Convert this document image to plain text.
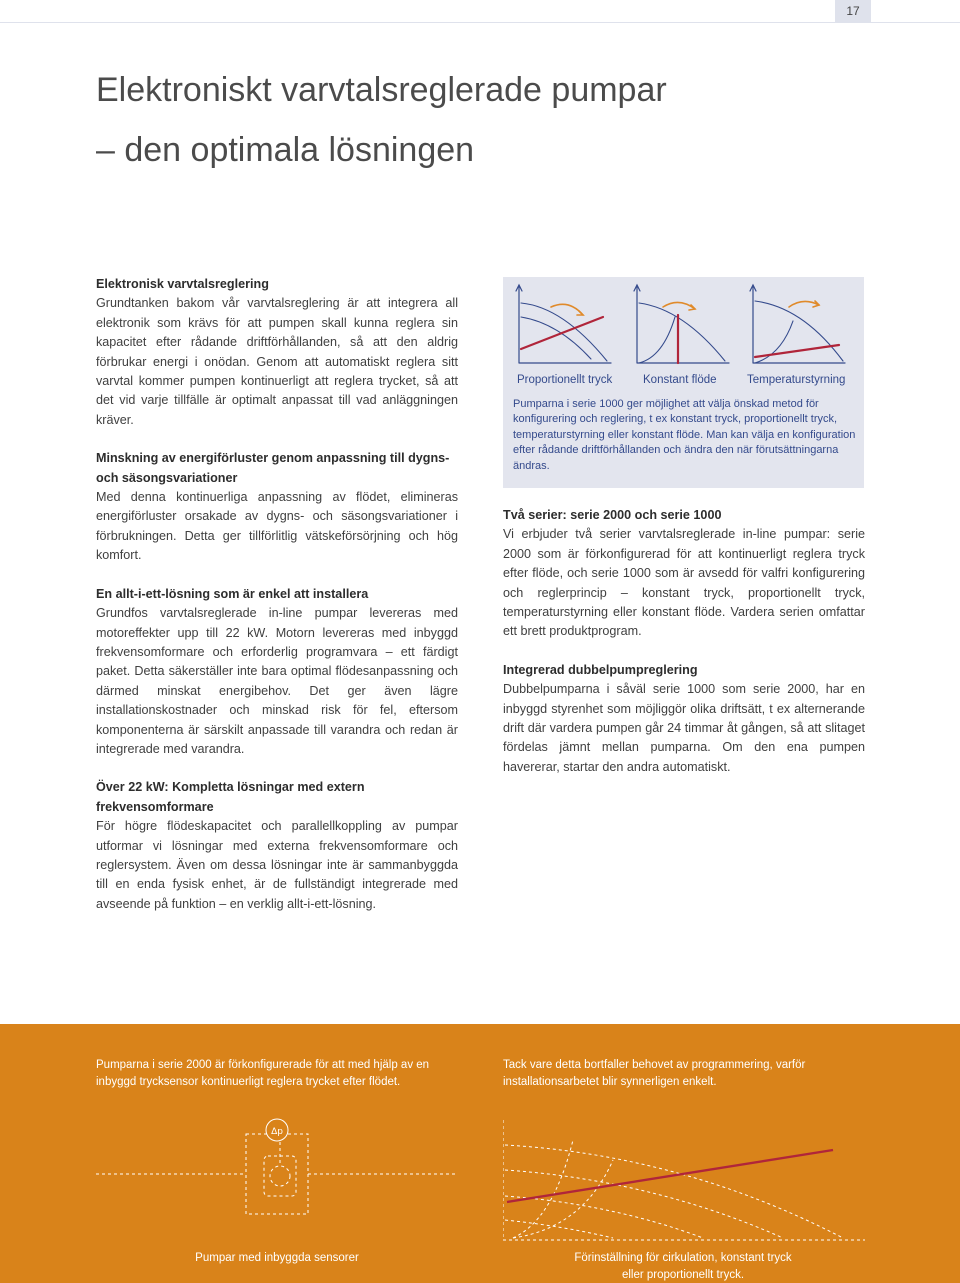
17
Elektroniskt varvtalsreglerade pumpar
– den optimala lösningen
Elektronisk varvtalsreglering

Grundtanken bakom vår varvtalsreglering är att integrera all elektronik som krävs för att pumpen skall kunna reglera sin kapacitet efter rådande driftförhållanden, så att den aldrig förbrukar energi i onödan. Genom att automatiskt reglera sitt varvtal kommer pumpen kontinuerligt att reglera trycket, så att det vid varje tillfälle är optimalt anpassat till vad anläggningen kräver.

Minskning av energiförluster genom anpassning till dygns- och säsongsvariationer

Med denna kontinuerliga anpassning av flödet, elimineras energiförluster orsakade av dygns- och säsongsvariationer i förbrukningen. Detta ger tillförlitlig vätskeförsörjning och hög komfort.

En allt-i-ett-lösning som är enkel att installera

Grundfos varvtalsreglerade in-line pumpar levereras med motoreffekter upp till 22 kW. Motorn levereras med inbyggd frekvensomformare och erforderlig programvara – ett färdigt paket. Detta säkerställer inte bara optimal flödesanpassning och därmed minskat energibehov. Det ger även lägre installationskostnader och minskad risk för fel, eftersom komponenterna är särskilt anpassade till varandra och redan är integrerade med varandra.

Över 22 kW: Kompletta lösningar med extern frekvensomformare

För högre flödeskapacitet och parallellkoppling av pumpar utformar vi lösningar med externa frekvensomformare och reglersystem. Även om dessa lösningar inte är sammanbyggda till en enda fysisk enhet, är de fullständigt integrerade med avseende på funktion – en verklig allt-i-ett-lösning.

Proportionellt tryck	Konstant flöde	Temperaturstyrning

Pumparna i serie 1000 ger möjlighet att välja önskad metod för konfigurering och reglering, t ex konstant tryck, proportionellt tryck, temperaturstyrning eller konstant flöde. Man kan välja en konfiguration efter rådande driftförhållanden och ändra den när förutsättningarna ändras.

Två serier: serie 2000 och serie 1000

Vi erbjuder två serier varvtalsreglerade in-line pumpar: serie 2000 som är förkonfigurerad för att kontinuerligt reglera tryck efter flöde, och serie 1000 som är avsedd för valfri konfigurering och reglerprincip – konstant tryck, proportionellt tryck, temperaturstyrning eller konstant flöde. Vardera serien omfattar ett brett produktprogram.

Integrerad dubbelpumpreglering

Dubbelpumparna i såväl serie 1000 som serie 2000, har en inbyggd styrenhet som möjliggör olika driftsätt, t ex alternerande drift där vardera pumpen går 24 timmar åt gången, så att slitaget fördelas jämnt mellan pumparna. Om den ena pumpen havererar, startar den andra automatiskt.

Pumparna i serie 2000 är förkonfigurerade för att med hjälp av en inbyggd trycksensor kontinuerligt reglera trycket efter flödet.

Tack vare detta bortfaller behovet av programmering, varför installationsarbetet blir synnerligen enkelt.

Δp

Pumpar med inbyggda sensorer	Förinställning för cirkulation, konstant tryck
eller proportionellt tryck.
